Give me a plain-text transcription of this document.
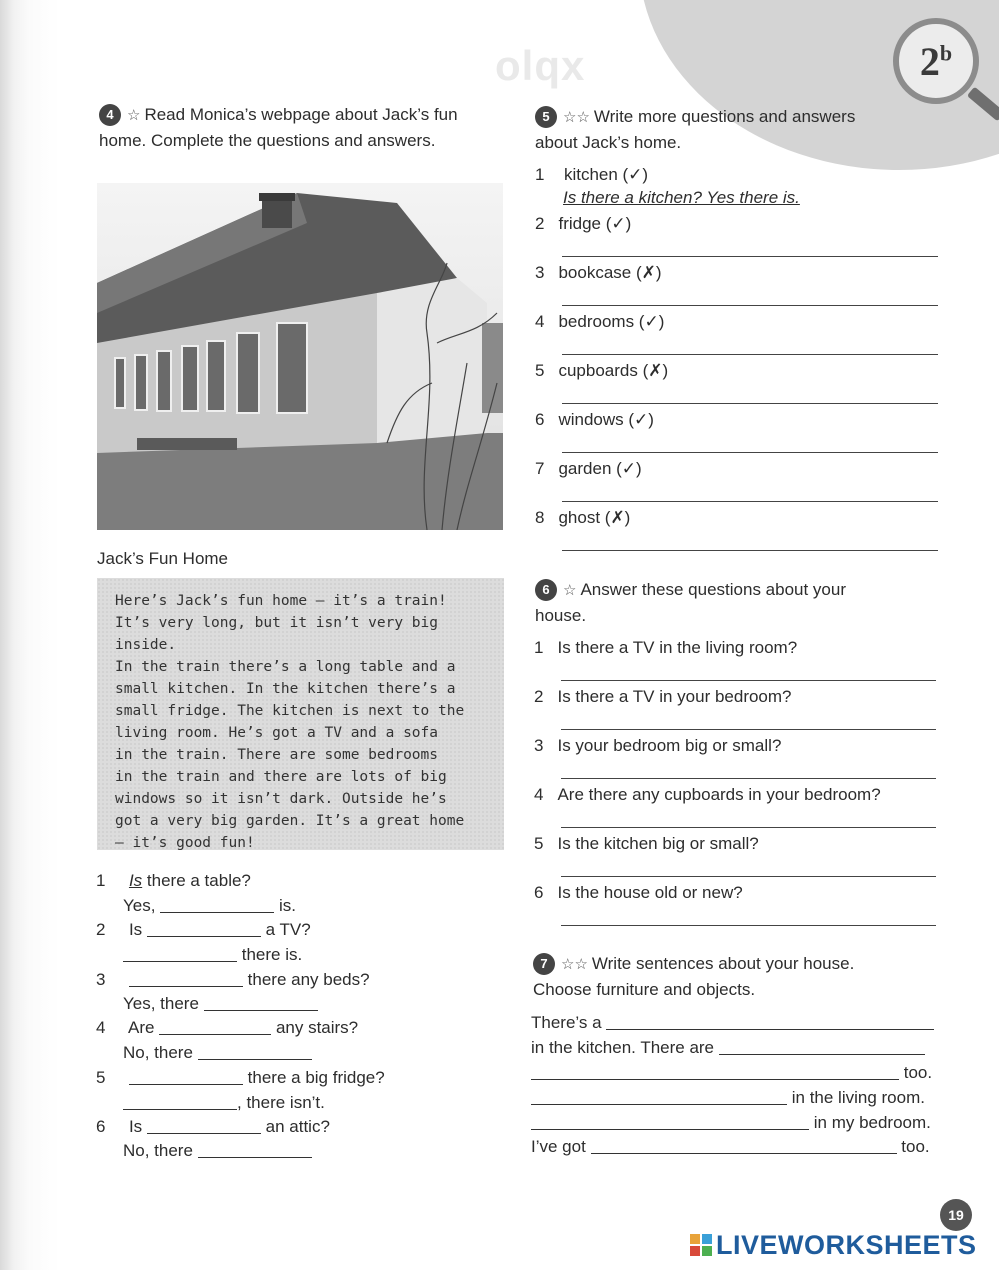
olqx	2$^b$
4 ☆ Read Monica’s webpage about Jack’s fun
home. Complete the questions and answers.
Jack’s Fun Home
Here’s Jack’s fun home – it’s a train!
It’s very long, but it isn’t very big inside.
In the train there’s a long table and a
small kitchen. In the kitchen there’s a
small fridge. The kitchen is next to the
living room. He’s got a TV and a sofa
in the train. There are some bedrooms
in the train and there are lots of big
windows so it isn’t dark. Outside he’s
got a very big garden. It’s a great home
– it’s good fun!
1 Is there a table?
Yes,	is.
2 Is	a TV?
there is.
3	there any beds?
Yes, there
4 Are	any stairs?
No, there
5	there a big fridge?
, there isn’t.
6 Is	an attic?
No, there
5 ☆☆ Write more questions and answers
about Jack’s home.
1 kitchen (✓)
Is there a kitchen? Yes there is.
2 fridge (✓)
3 bookcase (✗)
4 bedrooms (✓)
5 cupboards (✗)
6 windows (✓)
7 garden (✓)
8 ghost (✗)
6 ☆ Answer these questions about your
house.
1 Is there a TV in the living room?
2 Is there a TV in your bedroom?
3 Is your bedroom big or small?
4 Are there any cupboards in your bedroom?
5 Is the kitchen big or small?
6 Is the house old or new?
7 ☆☆ Write sentences about your house.
Choose furniture and objects.
There’s a
in the kitchen. There are
too.
in the living room.
in my bedroom.
I’ve got	too.
19
LIVEWORKSHEETS
